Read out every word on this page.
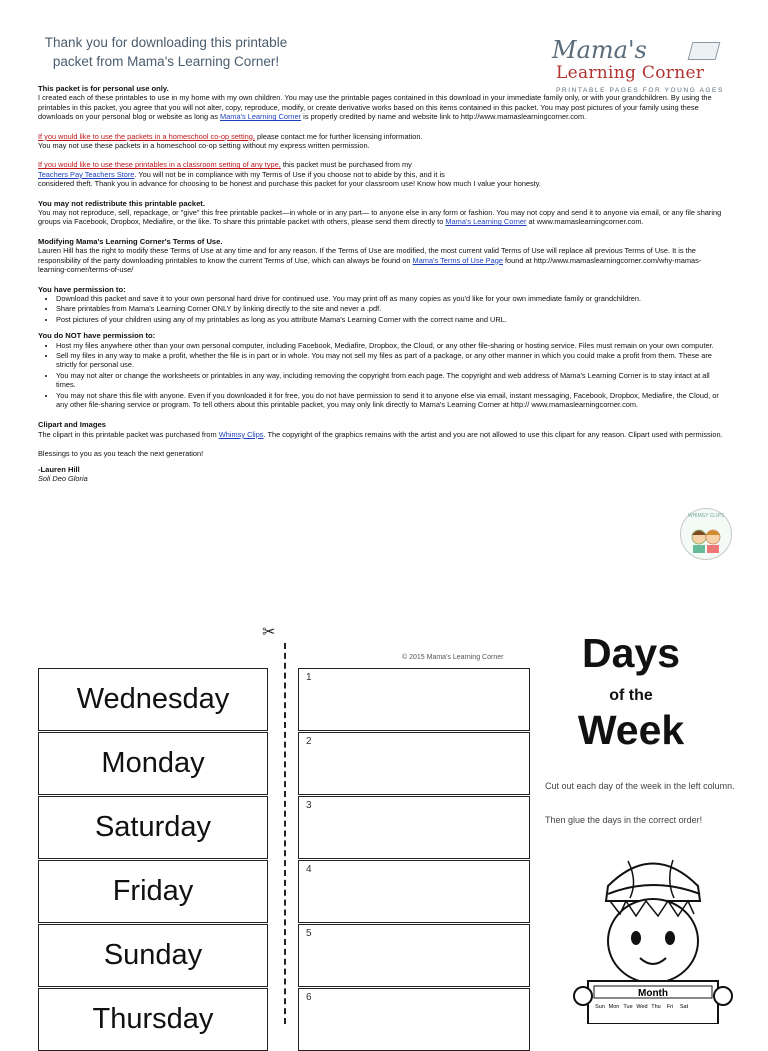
Thank you for downloading this printable
packet from Mama's Learning Corner!	Mama's
Learning Corner
PRINTABLE PAGES FOR YOUNG AGES

This packet is for personal use only.

I created each of these printables to use in my home with my own children. You may use the printable pages contained in this download in your immediate family only, or with your grandchildren. By using the printables in this packet, you agree that you will not alter, copy, reproduce, modify, or create derivative works based on this items contained in this packet. You may post pictures of your family using these downloads on your personal blog or website as long as Mama's Learning Corner is properly credited by name and website link to http://www.mamaslearningcorner.com.

If you would like to use the packets in a homeschool co-op setting, please contact me for further licensing information.

You may not use these packets in a homeschool co-op setting without my express written permission.

If you would like to use these printables in a classroom setting of any type, this packet must be purchased from my

Teachers Pay Teachers Store. You will not be in compliance with my Terms of Use if you choose not to abide by this, and it is

considered theft. Thank you in advance for choosing to be honest and purchase this packet for your classroom use! Know how much I value your honesty.

You may not redistribute this printable packet.

You may not reproduce, sell, repackage, or "give" this free printable packet—in whole or in any part— to anyone else in any form or fashion. You may not copy and send it to anyone via email, or any file sharing groups via Facebook, Dropbox, Mediafire, or the like. To share this printable packet with others, please send them directly to Mama's Learning Corner at www.mamaslearningcorner.com.

Modifying Mama's Learning Corner's Terms of Use.

Lauren Hill has the right to modify these Terms of Use at any time and for any reason. If the Terms of Use are modified, the most current valid Terms of Use will replace all previous Terms of Use. It is the responsibility of the party downloading printables to know the current Terms of Use, which can always be found on Mama's Terms of Use Page found at http://www.mamaslearningcorner.com/why-mamas-learning-corner/terms-of-use/

You have permission to:

• Download this packet and save it to your own personal hard drive for continued use. You may print off as many copies as you'd like for your own immediate family or grandchildren.
• Share printables from Mama's Learning Corner ONLY by linking directly to the site and never a .pdf.
• Post pictures of your children using any of my printables as long as you attribute Mama's Learning Corner with the correct name and URL.

You do NOT have permission to:

• Host my files anywhere other than your own personal computer, including Facebook, Mediafire, Dropbox, the Cloud, or any other file-sharing or hosting service. Files must remain on your own computer.
• Sell my files in any way to make a profit, whether the file is in part or in whole. You may not sell my files as part of a package, or any other manner in which you could make a profit from them. These are strictly for personal use.
• You may not alter or change the worksheets or printables in any way, including removing the copyright from each page. The copyright and web address of Mama's Learning Corner is to stay intact at all times.
• You may not share this file with anyone. Even if you downloaded it for free, you do not have permission to send it to anyone else via email, instant messaging, Facebook, Dropbox, Mediafire, the Cloud, or any other file-sharing service or program. To tell others about this printable packet, you may only link directly to Mama's Learning Corner at http:// www.mamaslearningcorner.com.

Clipart and Images

The clipart in this printable packet was purchased from Whimsy Clips. The copyright of the graphics remains with the artist and you are not allowed to use this clipart for any reason. Clipart used with permission.

Blessings to you as you teach the next generation!

-Lauren Hill

Soli Deo Gloria

WHIMSY CLIPS
✂
© 2015 Mama's Learning Corner
Wednesday
Monday
Saturday
Friday
Sunday
Thursday
1
2
3
4
5
6
Days
of the
Week
Cut out each day of the week in the left column.
Then glue the days in the correct order!
Month
Sun Mon Tue Wed Thu Fri Sat
